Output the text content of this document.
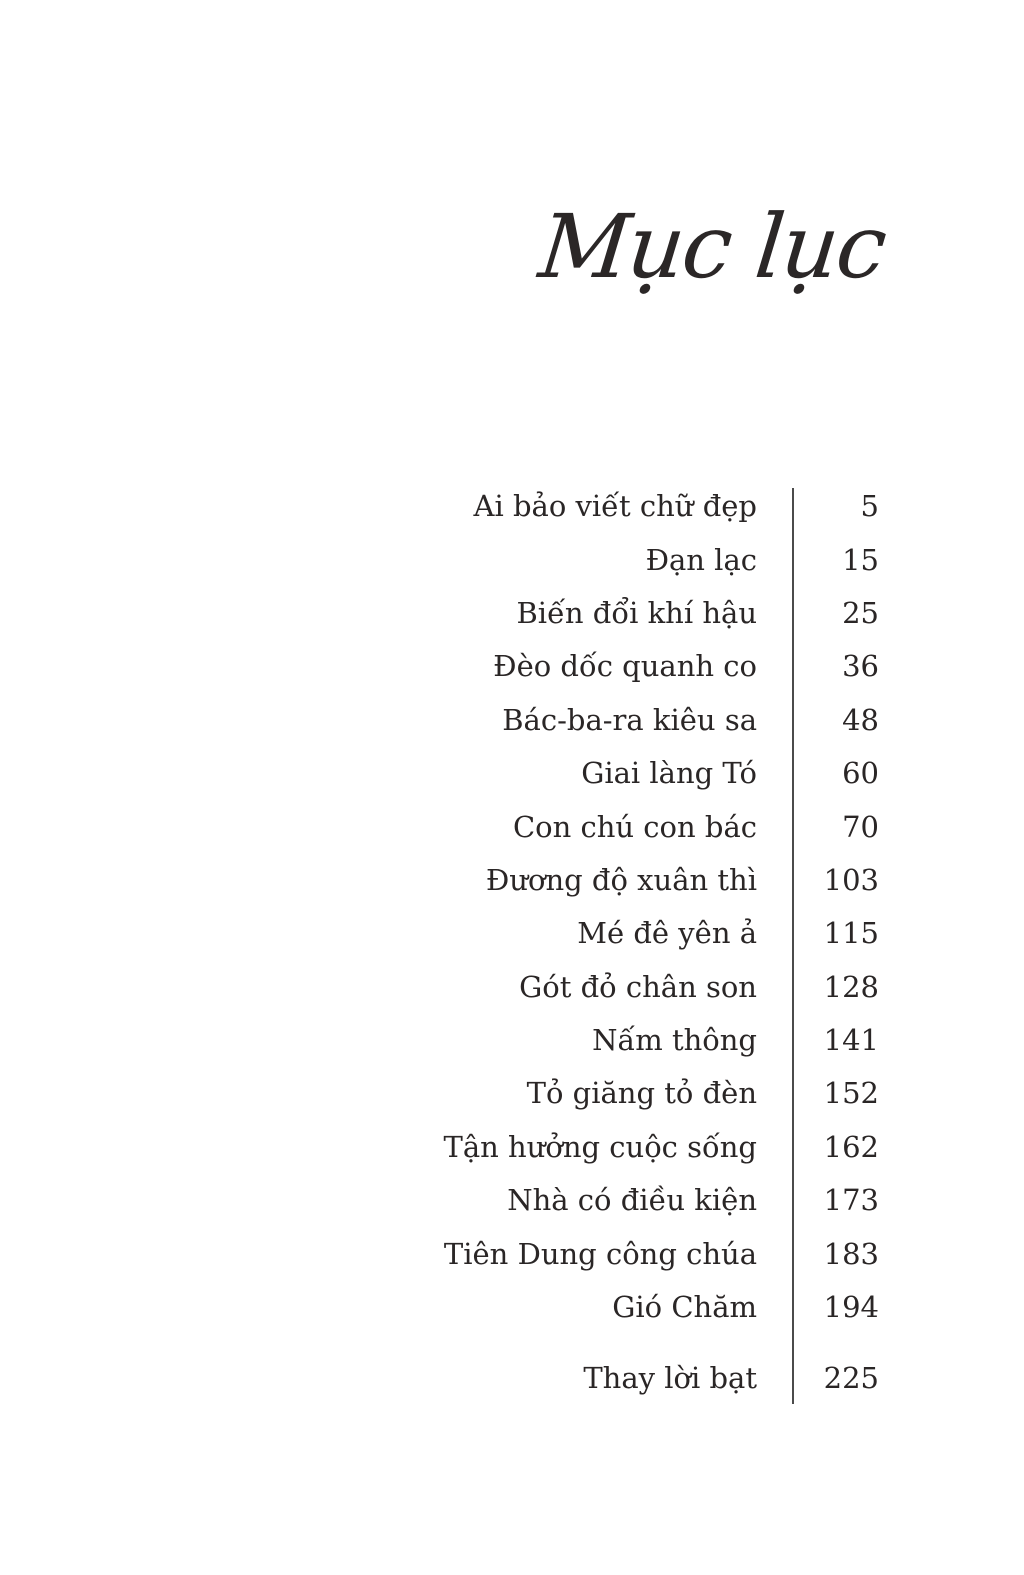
Mục lục
Ai bảo viết chữ đẹp	5
Đạn lạc	15
Biến đổi khí hậu	25
Đèo dốc quanh co	36
Bác-ba-ra kiêu sa	48
Giai làng Tó	60
Con chú con bác	70
Đương độ xuân thì	103
Mé đê yên ả	115
Gót đỏ chân son	128
Nấm thông	141
Tỏ giăng tỏ đèn	152
Tận hưởng cuộc sống	162
Nhà có điều kiện	173
Tiên Dung công chúa	183
Gió Chăm	194
Thay lời bạt	225
